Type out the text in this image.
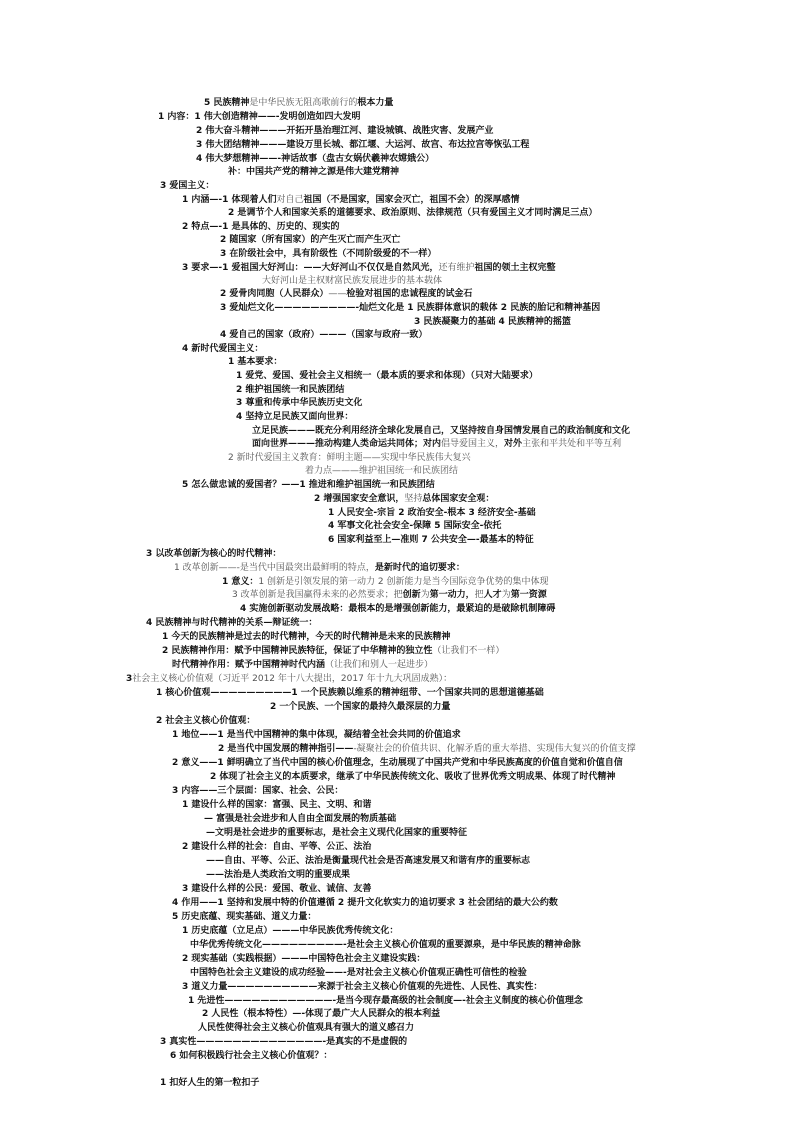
5 民族精神是中华民族无阻高歌前行的根本力量
1 内容：1 伟大创造精神——-发明创造如四大发明
2 伟大奋斗精神———开拓开垦治理江河、建设城镇、战胜灾害、发展产业
3 伟大团结精神———建设万里长城、都江堰、大运河、故宫、布达拉宫等恢弘工程
4 伟大梦想精神——-神话故事（盘古女娲伏羲神农嫦娥公）
补：中国共产党的精神之源是伟大建党精神
3 爱国主义：
1 内涵—-1 体现着人们对自己祖国（不是国家，国家会灭亡，祖国不会）的深厚感情
2 是调节个人和国家关系的道德要求、政治原则、法律规范（只有爱国主义才同时满足三点）
2 特点—-1 是具体的、历史的、现实的
2 随国家（所有国家）的产生灭亡而产生灭亡
3 在阶级社会中，具有阶级性（不同阶级爱的不一样）
3 要求—-1 爱祖国大好河山：——大好河山不仅仅是自然风光，还有维护祖国的领土主权完整
大好河山是主权财富民族发展进步的基本载体
2 爱骨肉同胞（人民群众）——检验对祖国的忠诚程度的试金石
3 爱灿烂文化—————————-灿烂文化是 1 民族群体意识的载体 2 民族的胎记和精神基因
3 民族凝聚力的基础 4 民族精神的摇篮
4 爱自己的国家（政府）———（国家与政府一致）
4 新时代爱国主义：
1 基本要求：
1 爱党、爱国、爱社会主义相统一（最本质的要求和体现）（只对大陆要求）
2 维护祖国统一和民族团结
3 尊重和传承中华民族历史文化
4 坚持立足民族又面向世界：
立足民族———既充分利用经济全球化发展自己，又坚持按自身国情发展自己的政治制度和文化
面向世界———推动构建人类命运共同体；对内倡导爱国主义，对外主张和平共处和平等互利
2 新时代爱国主义教育：鲜明主题——实现中华民族伟大复兴
着力点———维护祖国统一和民族团结
5 怎么做忠诚的爱国者？——1 推进和维护祖国统一和民族团结
2 增强国家安全意识，坚持总体国家安全观：
1 人民安全-宗旨 2 政治安全-根本 3 经济安全-基础
4 军事文化社会安全-保障 5 国际安全-依托
6 国家利益至上—准则 7 公共安全—-最基本的特征
3 以改革创新为核心的时代精神：
1 改革创新——-是当代中国最突出最鲜明的特点，是新时代的追切要求：
1 意义：1 创新是引领发展的第一动力 2 创新能力是当今国际竞争优势的集中体现
3 改革创新是我国赢得未来的必然要求；把创新为第一动力，把人才为第一资源
4 实施创新驱动发展战略：最根本的是增强创新能力，最紧迫的是破除机制障碍
4 民族精神与时代精神的关系—辩证统一：
1 今天的民族精神是过去的时代精神，今天的时代精神是未来的民族精神
2 民族精神作用：赋予中国精神民族特征，保证了中华精神的独立性（让我们不一样）
时代精神作用：赋予中国精神时代内涵（让我们和别人一起进步）
3社会主义核心价值观（习近平 2012 年十八大提出，2017 年十九大巩固成熟）：
1 核心价值观—————————1 一个民族赖以维系的精神纽带、一个国家共同的思想道德基础
2 一个民族、一个国家的最持久最深层的力量
2 社会主义核心价值观：
1 地位——1 是当代中国精神的集中体现，凝结着全社会共同的价值追求
2 是当代中国发展的精神指引——-凝聚社会的价值共识、化解矛盾的重大举措、实现伟大复兴的价值支撑
2 意义——1 鲜明确立了当代中国的核心价值理念，生动展现了中国共产党和中华民族高度的价值自觉和价值自信
2 体现了社会主义的本质要求，继承了中华民族传统文化、吸收了世界优秀文明成果、体现了时代精神
3 内容——三个层面：国家、社会、公民：
1 建设什么样的国家：富强、民主、文明、和谐
— 富强是社会进步和人自由全面发展的物质基础
—文明是社会进步的重要标志，是社会主义现代化国家的重要特征
2 建设什么样的社会：自由、平等、公正、法治
——自由、平等、公正、法治是衡量现代社会是否高速发展又和谐有序的重要标志
——法治是人类政治文明的重要成果
3 建设什么样的公民：爱国、敬业、诚信、友善
4 作用——1 坚持和发展中特的价值遵循 2 提升文化软实力的追切要求 3 社会团结的最大公约数
5 历史底蕴、现实基础、道义力量：
1 历史底蕴（立足点）———中华民族优秀传统文化：
中华优秀传统文化—————————-是社会主义核心价值观的重要源泉，是中华民族的精神命脉
2 现实基础（实践根据）———中国特色社会主义建设实践：
中国特色社会主义建设的成功经验——-是对社会主义核心价值观正确性可信性的检验
3 道义力量——————————来源于社会主义核心价值观的先进性、人民性、真实性：
1 先进性————————————-是当今现存最高级的社会制度—-社会主义制度的核心价值理念
2 人民性（根本特性）—-体现了最广大人民群众的根本利益
人民性使得社会主义核心价值观具有强大的道义感召力
3 真实性——————————————-是真实的不是虚假的
6 如何积极践行社会主义核心价值观？：
1 扣好人生的第一粒扣子
